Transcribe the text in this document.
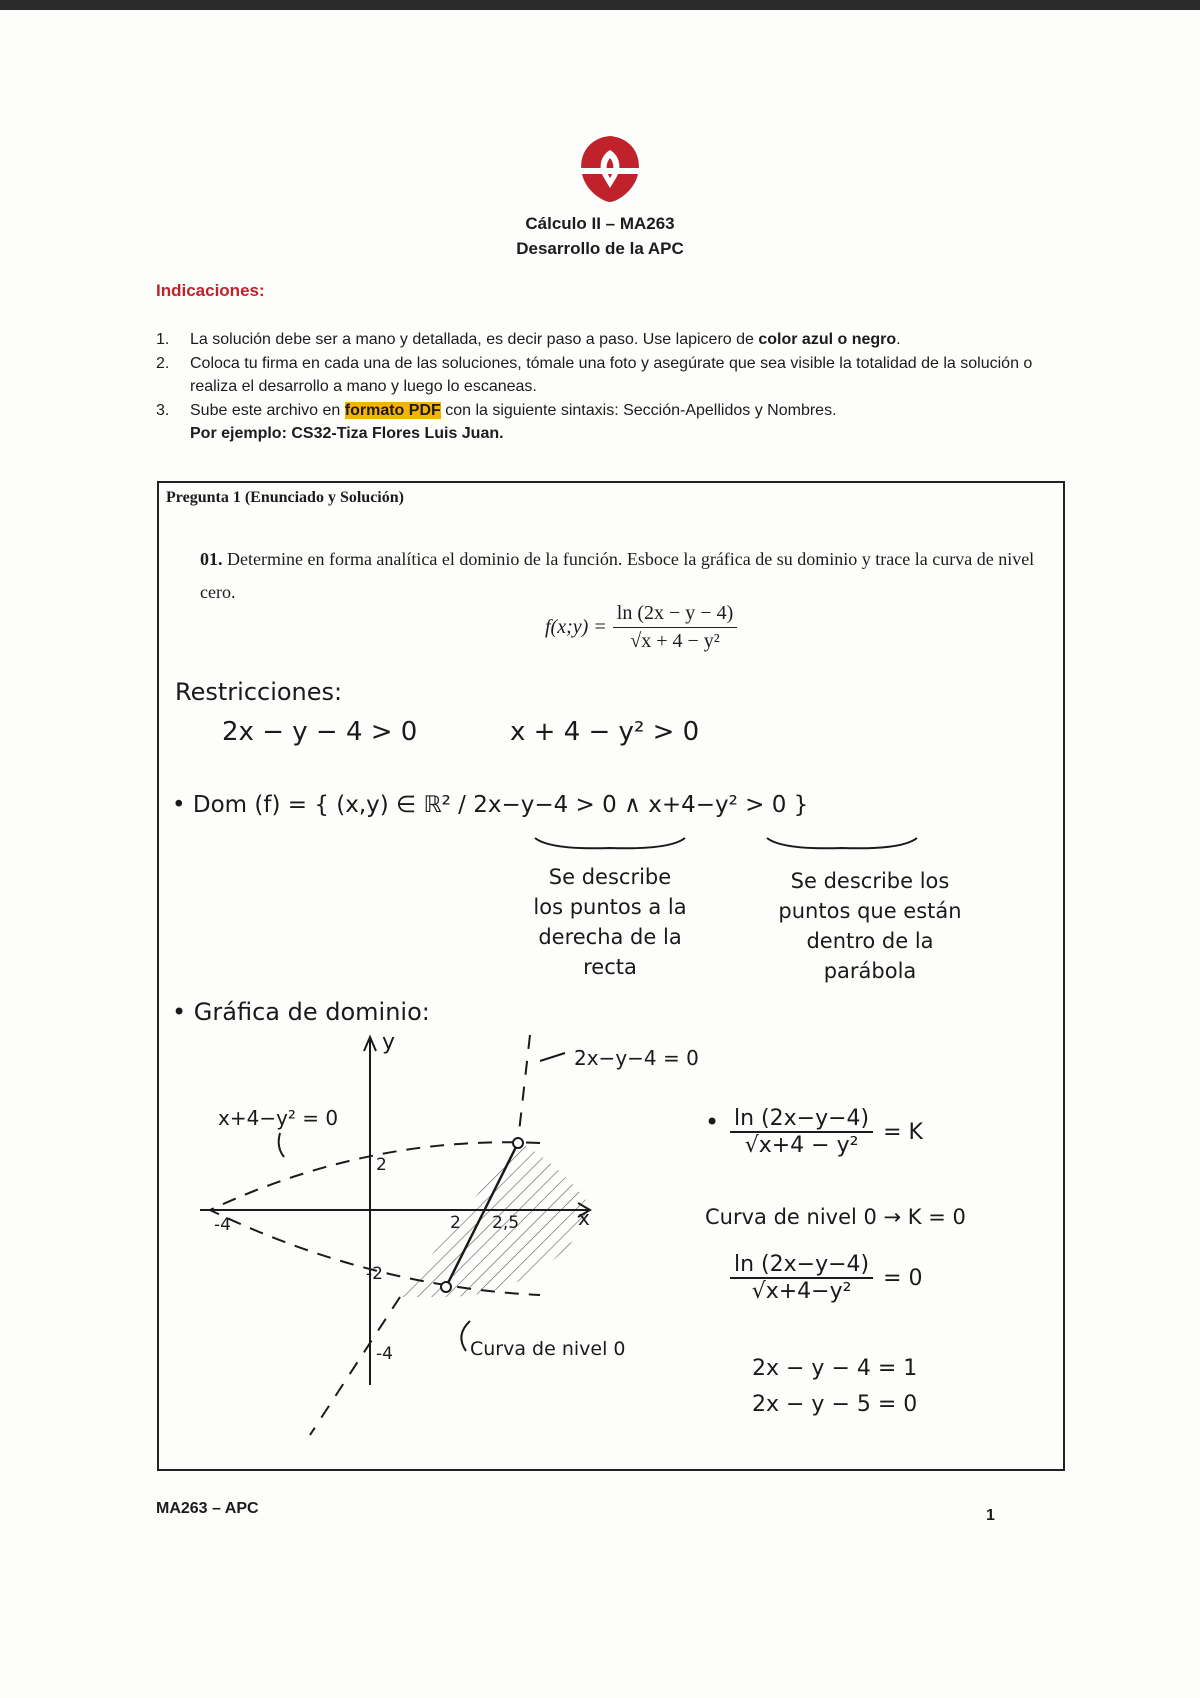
Cálculo II – MA263
Desarrollo de la APC
Indicaciones:
1.	La solución debe ser a mano y detallada, es decir paso a paso. Use lapicero de color azul o negro.
2.	Coloca tu firma en cada una de las soluciones, tómale una foto y asegúrate que sea visible la totalidad de la solución o realiza el desarrollo a mano y luego lo escaneas.
3.	Sube este archivo en formato PDF con la siguiente sintaxis: Sección-Apellidos y Nombres.
Por ejemplo: CS32-Tiza Flores Luis Juan.
Pregunta 1 (Enunciado y Solución)
01. Determine en forma analítica el dominio de la función. Esboce la gráfica de su dominio y trace la curva de nivel cero.
f(x;y) = $\frac{\ln (2x - y - 4)}{\text{√x + 4 − y²}}$
Restricciones:
2x − y − 4 > 0	x + 4 − y² > 0
• Dom (f) = { (x,y) ∈ ℝ² / 2x−y−4 > 0 ∧ x+4−y² > 0 }
Se describe
los puntos a la
derecha de la
recta
Se describe los
puntos que están
dentro de la
parábola
• Gráfica de dominio:
y
x
2
-2
-4
-4	2 2,5
x+4−y² = 0
2x−y−4 = 0
Curva de nivel 0
• $\frac{\ln (2x-y-4)}{\text{√x+4 − y²}} = K$
Curva de nivel 0 → K = 0
$\frac{\ln (2x-y-4)}{\text{√x+4−y²}} = 0$
2x − y − 4 = 1
2x − y − 5 = 0
MA263 – APC	1
